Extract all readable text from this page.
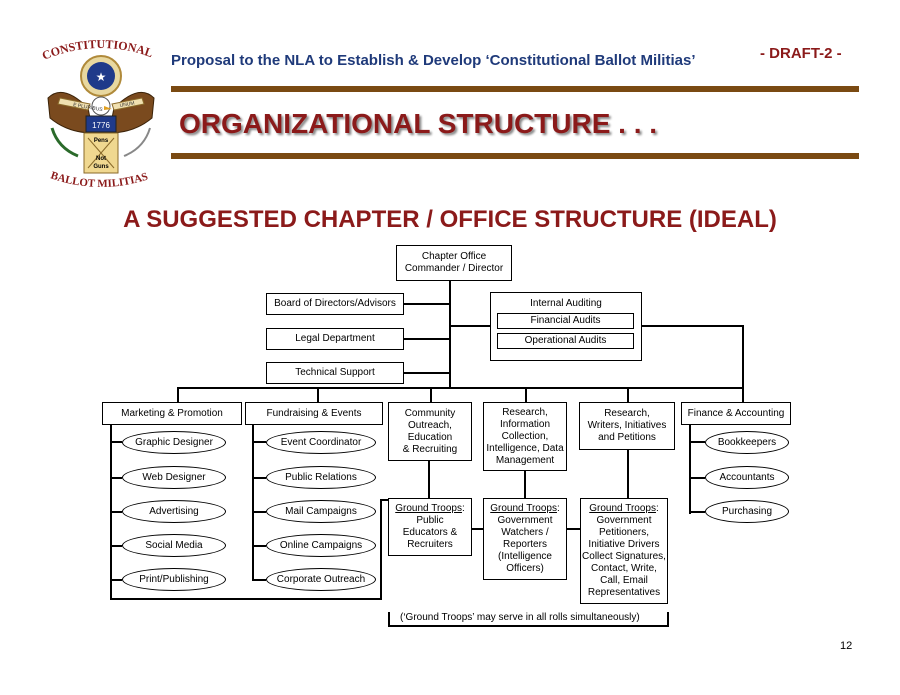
CONSTITUTIONAL
★
E PLURIBUS	UNUM
1776
Pens
Not
Guns
BALLOT MILITIAS
Proposal to the NLA to Establish & Develop ‘Constitutional Ballot Militias’	- DRAFT-2 -
ORGANIZATIONAL STRUCTURE . . .
A SUGGESTED CHAPTER / OFFICE STRUCTURE (IDEAL)
Chapter Office
Commander / Director
Board of Directors/Advisors
Legal Department
Technical Support
Internal Auditing
Financial Audits
Operational Audits
Marketing & Promotion	Fundraising & Events	Community
Outreach,
Education
& Recruiting
Research,
Information
Collection,
Intelligence, Data
Management
Research,
Writers, Initiatives
and Petitions
Finance & Accounting
Graphic Designer
Web Designer
Advertising
Social Media
Print/Publishing
Event Coordinator
Public Relations
Mail Campaigns
Online Campaigns
Corporate Outreach
Bookkeepers
Accountants
Purchasing
Ground Troops:
Public
Educators &
Recruiters
Ground Troops:
Government
Watchers /
Reporters
(Intelligence
Officers)
Ground Troops:
Government
Petitioners,
Initiative Drivers
Collect Signatures,
Contact, Write,
Call, Email
Representatives
(‘Ground Troops’ may serve in all rolls simultaneously)
12
